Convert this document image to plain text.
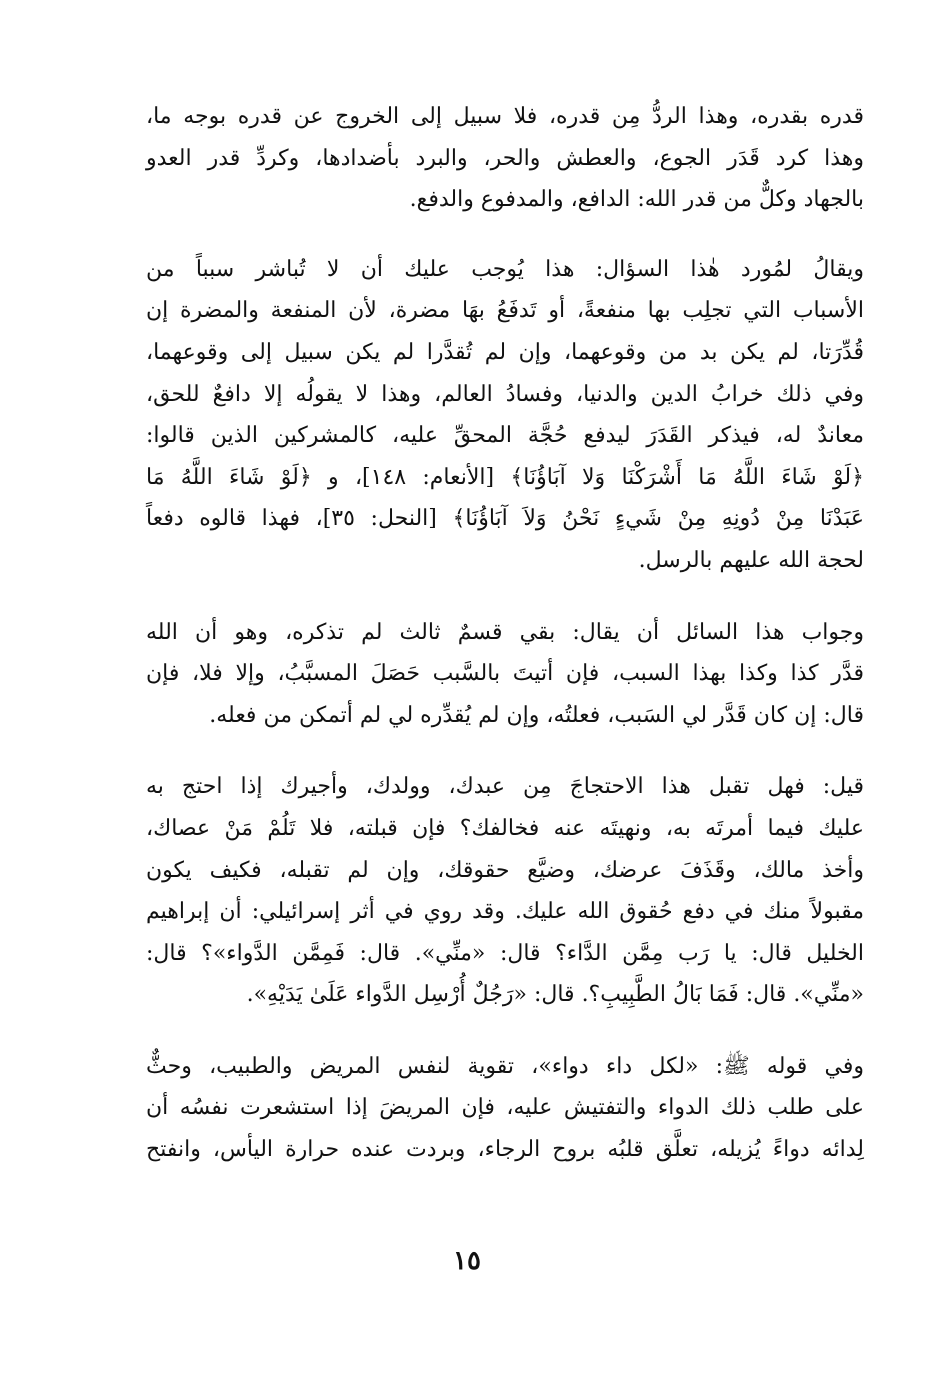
قدره بقدره، وهذا الردُّ مِن قدره، فلا سبيل إلى الخروج عن قدره بوجه ما،
وهذا كرد قَدَر الجوع، والعطش والحر، والبرد بأضدادها، وكردِّ قدر العدو
بالجهاد وكلٌّ من قدر الله: الدافع، والمدفوع والدفع.

ويقالُ لمُورد هٰذا السؤال: هذا يُوجب عليك أن لا تُباشر سبباً من
الأسباب التي تجلِب بها منفعةً، أو تَدفَعُ بهَا مضرة، لأن المنفعة والمضرة إن
قُدِّرَتا، لم يكن بد من وقوعهما، وإن لم تُقدَّرا لم يكن سبيل إلى وقوعهما،
وفي ذلك خرابُ الدين والدنيا، وفسادُ العالم، وهذا لا يقولُه إلا دافعٌ للحق،
معاندٌ له، فيذكر القَدَرَ ليدفع حُجَّة المحقِّ عليه، كالمشركين الذين قالوا:
﴿لَوْ شَاءَ اللَّهُ مَا أَشْرَكْنَا وَلا آبَاؤُنَا﴾ [الأنعام: ١٤٨]، و ﴿لَوْ شَاءَ اللَّهُ مَا
عَبَدْنَا مِنْ دُونِهِ مِنْ شَيءٍ نَحْنُ وَلاَ آبَاؤُنَا﴾ [النحل: ٣٥]، فهذا قالوه دفعاً
لحجة الله عليهم بالرسل.

وجواب هذا السائل أن يقال: بقي قسمٌ ثالث لم تذكره، وهو أن الله
قدَّر كذا وكذا بهذا السبب، فإن أتيتَ بالسَّبب حَصَلَ المسبَّبُ، وإلا فلا، فإن
قال: إن كان قَدَّر لي السَبب، فعلتُه، وإن لم يُقدِّره لي لم أتمكن من فعله.

قيل: فهل تقبل هذا الاحتجاجَ مِن عبدك، وولدك، وأجيرك إذا احتج به
عليك فيما أمرتَه به، ونهيتَه عنه فخالفك؟ فإن قبلته، فلا تَلُمْ مَنْ عصاك،
وأخذ مالك، وقَذَفَ عرضك، وضيَّع حقوقك، وإن لم تقبله، فكيف يكون
مقبولاً منك في دفع حُقوق الله عليك. وقد روي في أثر إسرائيلي: أن إبراهيم
الخليل قال: يا رَب مِمَّن الدَّاء؟ قال: «منِّي». قال: فَمِمَّن الدَّواء»؟ قال:
«منِّي». قال: فَمَا بَالُ الطَّبِيبِ؟. قال: «رَجُلٌ أُرْسِل الدَّواء عَلَىٰ يَدَيْهِ».

وفي قوله ﷺ: «لكل داء دواء»، تقوية لنفس المريض والطبيب، وحثٌّ
على طلب ذلك الدواء والتفتيش عليه، فإن المريضَ إذا استشعرت نفسُه أن
لِدائه دواءً يُزيله، تعلَّق قلبُه بروح الرجاء، وبردت عنده حرارة اليأس، وانفتح

١٥
